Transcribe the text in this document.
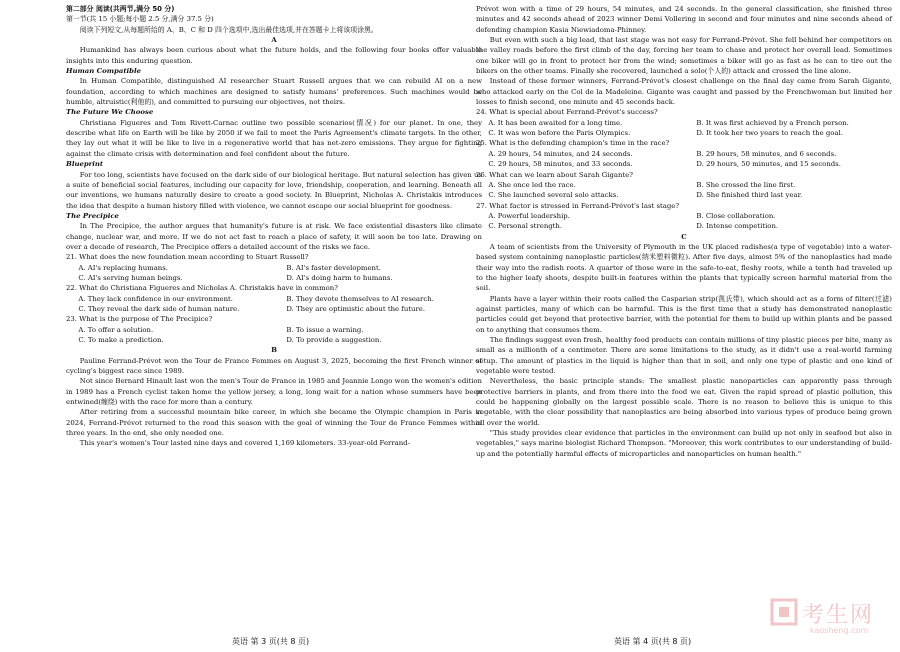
第二部分 阅读(共两节,满分 50 分)

第一节(共 15 小题;每小题 2.5 分,满分 37.5 分)

阅读下列短文,从每题所给的 A、B、C 和 D 四个选项中,选出最佳选项,并在答题卡上将该项涂黑。

A

Humankind has always been curious about what the future holds, and the following four books offer valuable insights into this enduring question.

Human Compatible

In Human Compatible, distinguished AI researcher Stuart Russell argues that we can rebuild AI on a new foundation, according to which machines are designed to satisfy humans' preferences. Such machines would be humble, altruistic(利他的), and committed to pursuing our objectives, not theirs.

The Future We Choose

Christiana Figueres and Tom Rivett-Carnac outline two possible scenarios(情况) for our planet. In one, they describe what life on Earth will be like by 2050 if we fail to meet the Paris Agreement's climate targets. In the other, they lay out what it will be like to live in a regenerative world that has net-zero emissions. They argue for fighting against the climate crisis with determination and feel confident about the future.

Blueprint

For too long, scientists have focused on the dark side of our biological heritage. But natural selection has given us a suite of beneficial social features, including our capacity for love, friendship, cooperation, and learning. Beneath all our inventions, we humans naturally desire to create a good society. In Blueprint, Nicholas A. Christakis introduces the idea that despite a human history filled with violence, we cannot escape our social blueprint for goodness.

The Precipice

In The Precipice, the author argues that humanity's future is at risk. We face existential disasters like climate change, nuclear war, and more. If we do not act fast to reach a place of safety, it will soon be too late. Drawing on over a decade of research, The Precipice offers a detailed account of the risks we face.

21. What does the new foundation mean according to Stuart Russell?

A. AI's replacing humans.	B. AI's faster development.
C. AI's serving human beings.	D. AI's doing harm to humans.

22. What do Christiana Figueres and Nicholas A. Christakis have in common?

A. They lack confidence in our environment.	B. They devote themselves to AI research.
C. They reveal the dark side of human nature.	D. They are optimistic about the future.

23. What is the purpose of The Precipice?

A. To offer a solution.	B. To issue a warning.
C. To make a prediction.	D. To provide a suggestion.

B

Pauline Ferrand-Prévot won the Tour de France Femmes on August 3, 2025, becoming the first French winner of cycling's biggest race since 1989.

Not since Bernard Hinault last won the men's Tour de France in 1985 and Jeannie Longo won the women's edition in 1989 has a French cyclist taken home the yellow jersey, a long, long wait for a nation whose summers have been entwined(缠绕) with the race for more than a century.

After retiring from a successful mountain bike career, in which she became the Olympic champion in Paris in 2024, Ferrand-Prévot returned to the road this season with the goal of winning the Tour de France Femmes within three years. In the end, she only needed one.

This year's women's Tour lasted nine days and covered 1,169 kilometers. 33-year-old Ferrand-

Prévot won with a time of 29 hours, 54 minutes, and 24 seconds. In the general classification, she finished three minutes and 42 seconds ahead of 2023 winner Demi Vollering in second and four minutes and nine seconds ahead of defending champion Kasia Niewiadoma-Phinney.

But even with such a big lead, that last stage was not easy for Ferrand-Prévot. She fell behind her competitors on the valley roads before the first climb of the day, forcing her team to chase and protect her overall lead. Sometimes one biker will go in front to protect her from the wind; sometimes a biker will go as fast as he can to tire out the bikers on the other teams. Finally she recovered, launched a solo(个人的) attack and crossed the line alone.

Instead of these former winners, Ferrand-Prévot's closest challenge on the final day came from Sarah Gigante, who attacked early on the Col de la Madeleine. Gigante was caught and passed by the Frenchwoman but limited her losses to finish second, one minute and 45 seconds back.

24. What is special about Ferrand-Prévot's success?

A. It has been awaited for a long time.	B. It was first achieved by a French person.
C. It was won before the Paris Olympics.	D. It took her two years to reach the goal.

25. What is the defending champion's time in the race?

A. 29 hours, 54 minutes, and 24 seconds.	B. 29 hours, 58 minutes, and 6 seconds.
C. 29 hours, 58 minutes, and 33 seconds.	D. 29 hours, 50 minutes, and 15 seconds.

26. What can we learn about Sarah Gigante?

A. She once led the race.	B. She crossed the line first.
C. She launched several solo attacks.	D. She finished third last year.

27. What factor is stressed in Ferrand-Prévot's last stage?

A. Powerful leadership.	B. Close collaboration.
C. Personal strength.	D. Intense competition.

C

A team of scientists from the University of Plymouth in the UK placed radishes(a type of vegetable) into a water-based system containing nanoplastic particles(纳米塑料微粒). After five days, almost 5% of the nanoplastics had made their way into the radish roots. A quarter of those were in the safe-to-eat, fleshy roots, while a tenth had traveled up to the higher leafy shoots, despite built-in features within the plants that typically screen harmful material from the soil.

Plants have a layer within their roots called the Casparian strip(凯氏带), which should act as a form of filter(过滤) against particles, many of which can be harmful. This is the first time that a study has demonstrated nanoplastic particles could get beyond that protective barrier, with the potential for them to build up within plants and be passed on to anything that consumes them.

The findings suggest even fresh, healthy food products can contain millions of tiny plastic pieces per bite, many as small as a millionth of a centimeter. There are some limitations to the study, as it didn't use a real-world farming setup. The amount of plastics in the liquid is higher than that in soil, and only one type of plastic and one kind of vegetable were tested.

Nevertheless, the basic principle stands: The smallest plastic nanoparticles can apparently pass through protective barriers in plants, and from there into the food we eat. Given the rapid spread of plastic pollution, this could be happening globally on the largest possible scale. There is no reason to believe this is unique to this vegetable, with the clear possibility that nanoplastics are being absorbed into various types of produce being grown all over the world.

"This study provides clear evidence that particles in the environment can build up not only in seafood but also in vegetables," says marine biologist Richard Thompson. "Moreover, this work contributes to our understanding of build-up and the potentially harmful effects of microparticles and nanoparticles on human health."

英语 第 3 页(共 8 页)	英语 第 4 页(共 8 页)
考生网
kaosheng.com
